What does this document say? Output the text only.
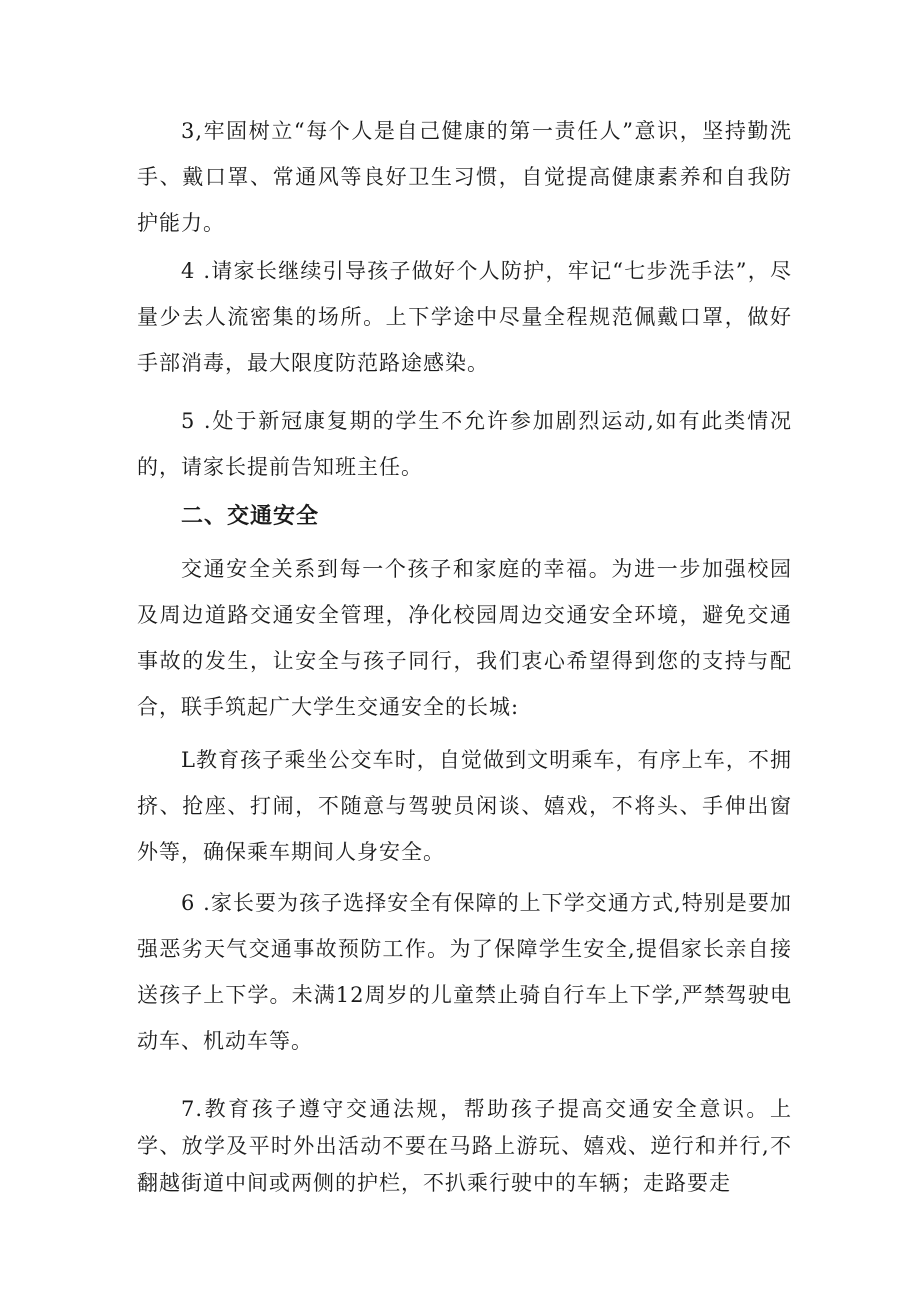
3,牢固树立“每个人是自己健康的第一责任人”意识，坚持勤洗手、戴口罩、常通风等良好卫生习惯，自觉提高健康素养和自我防护能力。

4 .请家长继续引导孩子做好个人防护，牢记“七步洗手法”，尽量少去人流密集的场所。上下学途中尽量全程规范佩戴口罩，做好手部消毒，最大限度防范路途感染。

5 .处于新冠康复期的学生不允许参加剧烈运动,如有此类情况的，请家长提前告知班主任。

二、交通安全

交通安全关系到每一个孩子和家庭的幸福。为进一步加强校园及周边道路交通安全管理，净化校园周边交通安全环境，避免交通事故的发生，让安全与孩子同行，我们衷心希望得到您的支持与配合，联手筑起广大学生交通安全的长城:

L教育孩子乘坐公交车时，自觉做到文明乘车，有序上车，不拥挤、抢座、打闹，不随意与驾驶员闲谈、嬉戏，不将头、手伸出窗外等，确保乘车期间人身安全。

6 .家长要为孩子选择安全有保障的上下学交通方式,特别是要加强恶劣天气交通事故预防工作。为了保障学生安全,提倡家长亲自接送孩子上下学。未满12周岁的儿童禁止骑自行车上下学,严禁驾驶电动车、机动车等。

7.教育孩子遵守交通法规，帮助孩子提高交通安全意识。上学、放学及平时外出活动不要在马路上游玩、嬉戏、逆行和并行,不翻越街道中间或两侧的护栏，不扒乘行驶中的车辆；走路要走
